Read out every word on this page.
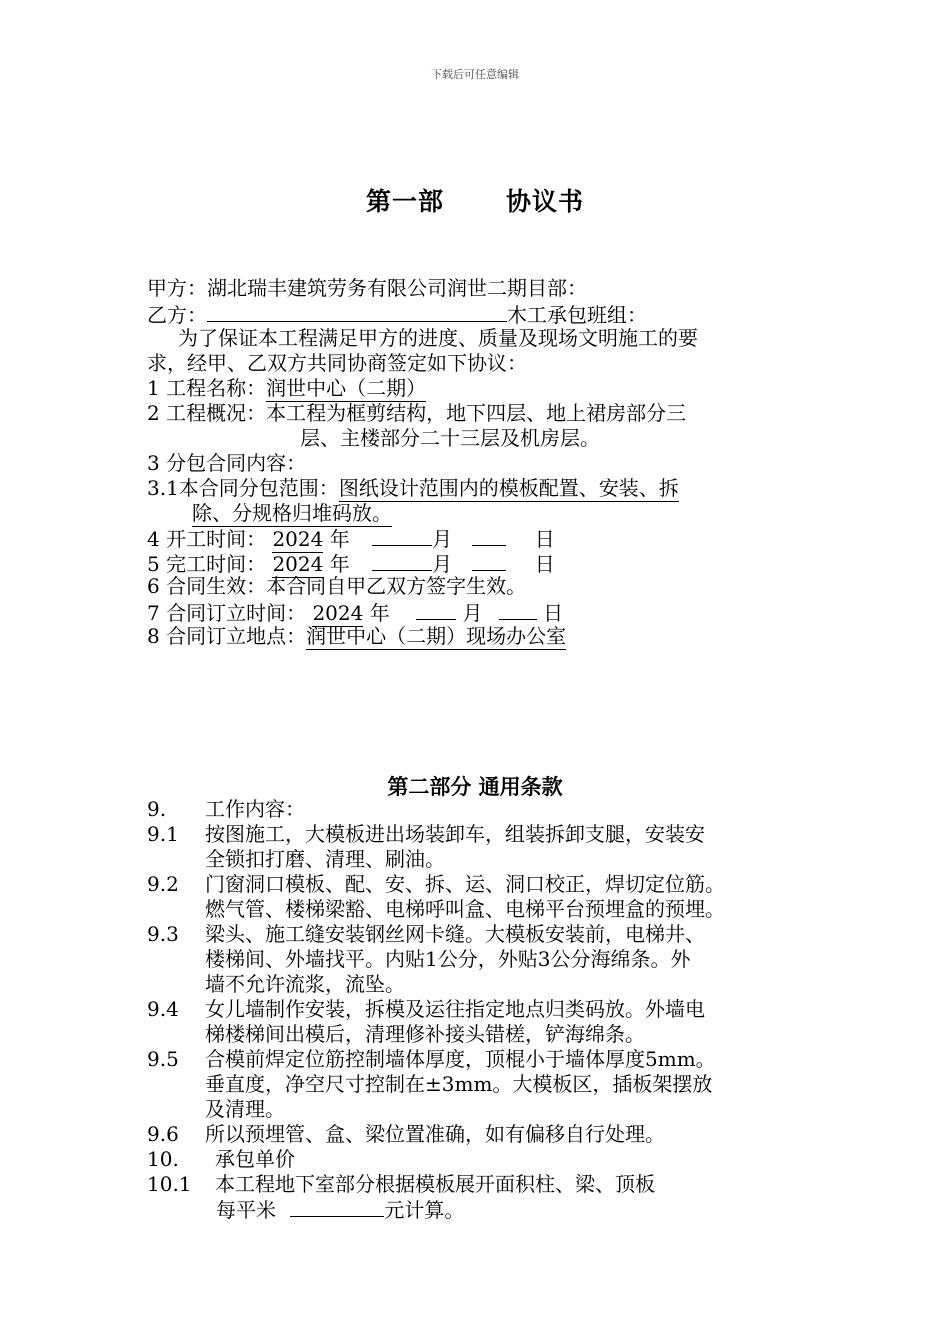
下载后可任意编辑
第一部 协议书
甲方：湖北瑞丰建筑劳务有限公司润世二期目部：
乙方：	木工承包班组：
为了保证本工程满足甲方的进度、质量及现场文明施工的要
求，经甲、乙双方共同协商签定如下协议：
1 工程名称：润世中心（二期）
2 工程概况：本工程为框剪结构，地下四层、地上裙房部分三
层、主楼部分二十三层及机房层。
3 分包合同内容：
3.1本合同分包范围：图纸设计范围内的模板配置、安装、拆
除、分规格归堆码放。
4 开工时间： 2024 年	月	日
5 完工时间： 2024 年	月	日
6 合同生效：本合同自甲乙双方签字生效。
7 合同订立时间： 2024 年	月	日
8 合同订立地点：润世中心（二期）现场办公室
第二部分 通用条款
9. 工作内容：
9.1 按图施工，大模板进出场装卸车，组装拆卸支腿，安装安
全锁扣打磨、清理、刷油。
9.2 门窗洞口模板、配、安、拆、运、洞口校正，焊切定位筋。
燃气管、楼梯梁豁、电梯呼叫盒、电梯平台预埋盒的预埋。
9.3 梁头、施工缝安装钢丝网卡缝。大模板安装前，电梯井、
楼梯间、外墙找平。内贴1公分，外贴3公分海绵条。外
墙不允许流浆，流坠。
9.4 女儿墙制作安装，拆模及运往指定地点归类码放。外墙电
梯楼梯间出模后，清理修补接头错槎，铲海绵条。
9.5 合模前焊定位筋控制墙体厚度，顶棍小于墙体厚度5mm。
垂直度，净空尺寸控制在±3mm。大模板区，插板架摆放
及清理。
9.6 所以预埋管、盒、梁位置准确，如有偏移自行处理。
10. 承包单价
10.1 本工程地下室部分根据模板展开面积柱、梁、顶板
每平米	元计算。
